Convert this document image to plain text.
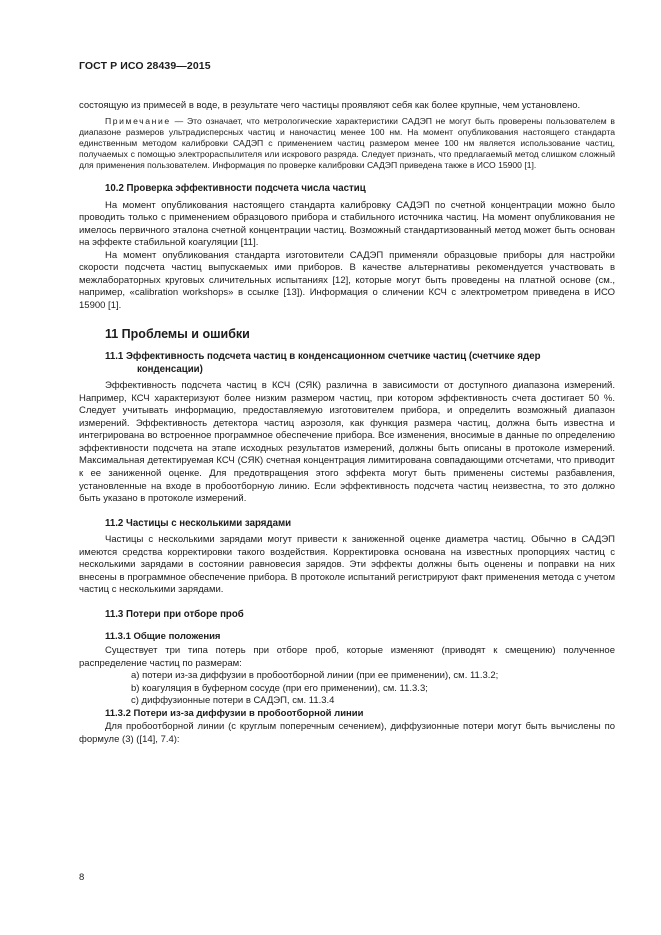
ГОСТ Р ИСО 28439—2015

состоящую из примесей в воде, в результате чего частицы проявляют себя как более крупные, чем установлено.

Примечание — Это означает, что метрологические характеристики САДЭП не могут быть проверены пользователем в диапазоне размеров ультрадисперсных частиц и наночастиц менее 100 нм. На момент опубликования настоящего стандарта единственным методом калибровки САДЭП с применением частиц размером менее 100 нм является использование частиц, получаемых с помощью электрораспылителя или искрового разряда. Следует признать, что предлагаемый метод слишком сложный для применения пользователем. Информация по проверке калибровки САДЭП приведена также в ИСО 15900 [1].

10.2 Проверка эффективности подсчета числа частиц

На момент опубликования настоящего стандарта калибровку САДЭП по счетной концентрации можно было проводить только с применением образцового прибора и стабильного источника частиц. На момент опубликования не имелось первичного эталона счетной концентрации частиц. Возможный стандартизованный метод может быть основан на эффекте стабильной коагуляции [11].

На момент опубликования стандарта изготовители САДЭП применяли образцовые приборы для настройки скорости подсчета частиц выпускаемых ими приборов. В качестве альтернативы рекомендуется участвовать в межлабораторных круговых сличительных испытаниях [12], которые могут быть проведены на платной основе (см., например, «calibration workshops» в ссылке [13]). Информация о сличении КСЧ с электрометром приведена в ИСО 15900 [1].

11 Проблемы и ошибки

11.1 Эффективность подсчета частиц в конденсационном счетчике частиц (счетчике ядер
конденсации)

Эффективность подсчета частиц в КСЧ (СЯК) различна в зависимости от доступного диапазона измерений. Например, КСЧ характеризуют более низким размером частиц, при котором эффективность счета достигает 50 %. Следует учитывать информацию, предоставляемую изготовителем прибора, и определить возможный диапазон измерений. Эффективность детектора частиц аэрозоля, как функция размера частиц, должна быть известна и интегрирована во встроенное программное обеспечение прибора. Все изменения, вносимые в данные по определению эффективности подсчета на этапе исходных результатов измерений, должны быть описаны в протоколе измерений. Максимальная детектируемая КСЧ (СЯК) счетная концентрация лимитирована совпадающими отсчетами, что приводит к ее заниженной оценке. Для предотвращения этого эффекта могут быть применены системы разбавления, установленные на входе в пробоотборную линию. Если эффективность подсчета частиц неизвестна, то это должно быть указано в протоколе измерений.

11.2 Частицы с несколькими зарядами

Частицы с несколькими зарядами могут привести к заниженной оценке диаметра частиц. Обычно в САДЭП имеются средства корректировки такого воздействия. Корректировка основана на известных пропорциях частиц с несколькими зарядами в состоянии равновесия зарядов. Эти эффекты должны быть оценены и поправки на них внесены в программное обеспечение прибора. В протоколе испытаний регистрируют факт применения метода с учетом частиц с несколькими зарядами.

11.3 Потери при отборе проб

11.3.1 Общие положения

Существует три типа потерь при отборе проб, которые изменяют (приводят к смещению) полученное распределение частиц по размерам:

a) потери из-за диффузии в пробоотборной линии (при ее применении), см. 11.3.2;

b) коагуляция в буферном сосуде (при его применении), см. 11.3.3;

c) диффузионные потери в САДЭП, см. 11.3.4

11.3.2 Потери из-за диффузии в пробоотборной линии

Для пробоотборной линии (с круглым поперечным сечением), диффузионные потери могут быть вычислены по формуле (3) ([14], 7.4):

8
